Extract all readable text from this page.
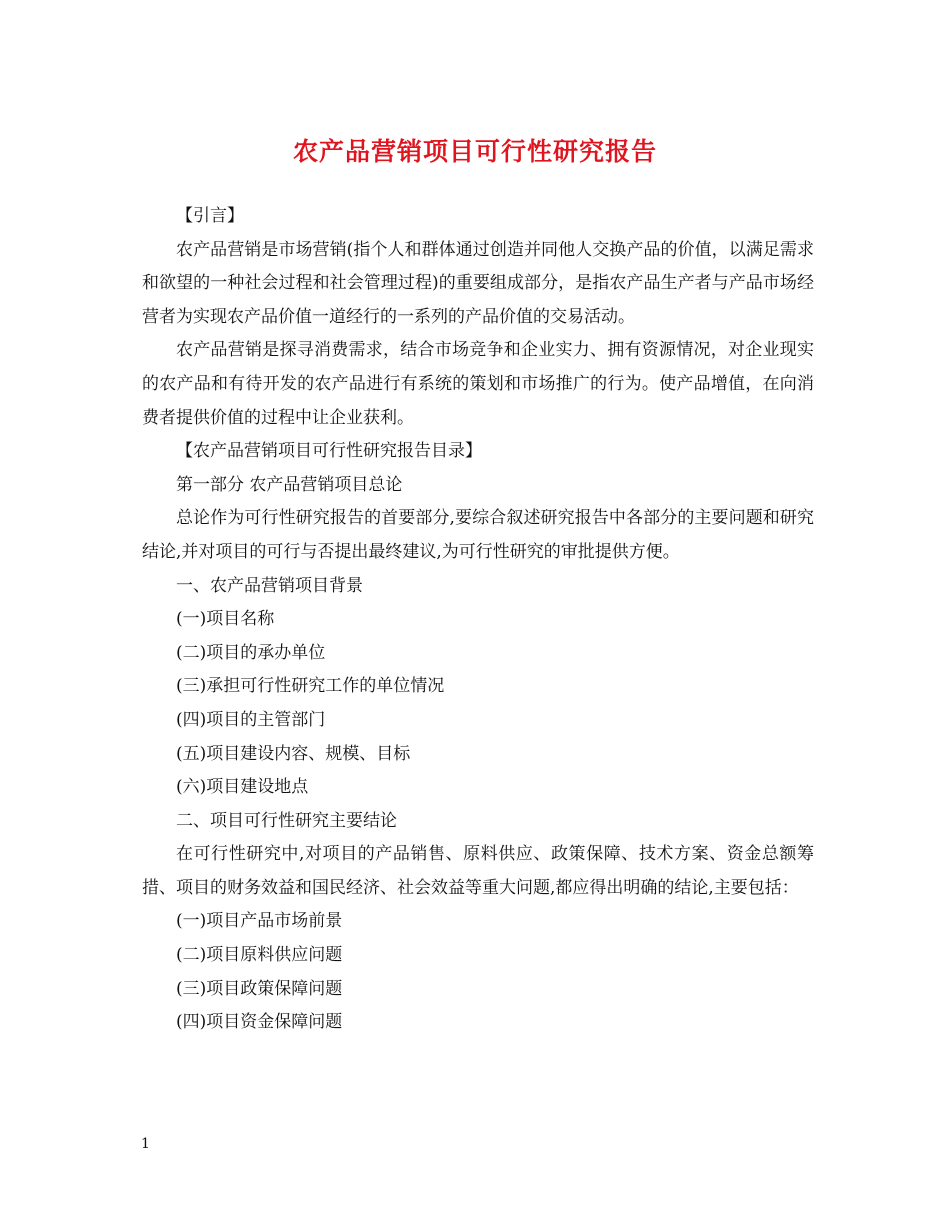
农产品营销项目可行性研究报告

【引言】

农产品营销是市场营销(指个人和群体通过创造并同他人交换产品的价值，以满足需求和欲望的一种社会过程和社会管理过程)的重要组成部分，是指农产品生产者与产品市场经营者为实现农产品价值一道经行的一系列的产品价值的交易活动。

农产品营销是探寻消费需求，结合市场竞争和企业实力、拥有资源情况，对企业现实的农产品和有待开发的农产品进行有系统的策划和市场推广的行为。使产品增值，在向消费者提供价值的过程中让企业获利。

【农产品营销项目可行性研究报告目录】

第一部分 农产品营销项目总论

总论作为可行性研究报告的首要部分,要综合叙述研究报告中各部分的主要问题和研究结论,并对项目的可行与否提出最终建议,为可行性研究的审批提供方便。

一、农产品营销项目背景

(一)项目名称

(二)项目的承办单位

(三)承担可行性研究工作的单位情况

(四)项目的主管部门

(五)项目建设内容、规模、目标

(六)项目建设地点

二、项目可行性研究主要结论

在可行性研究中,对项目的产品销售、原料供应、政策保障、技术方案、资金总额筹措、项目的财务效益和国民经济、社会效益等重大问题,都应得出明确的结论,主要包括：

(一)项目产品市场前景

(二)项目原料供应问题

(三)项目政策保障问题

(四)项目资金保障问题

1
